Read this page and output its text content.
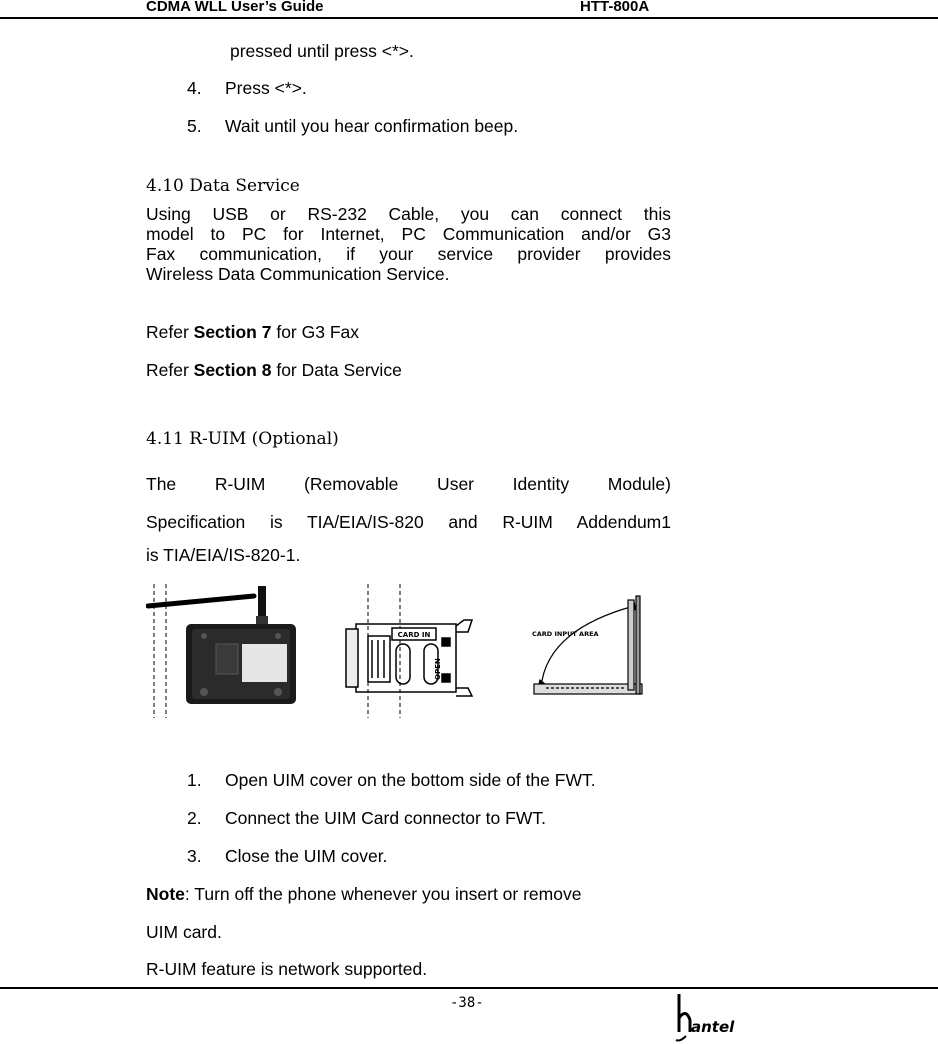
CDMA WLL User’s Guide	HTT-800A
pressed until press <*>.
4. Press <*>.
5. Wait until you hear confirmation beep.
4.10 Data Service
Using USB or RS-232 Cable, you can connect this
model to PC for Internet, PC Communication and/or G3
Fax communication, if your service provider provides
Wireless Data Communication Service.
Refer Section 7 for G3 Fax
Refer Section 8 for Data Service
4.11 R-UIM (Optional)
The R-UIM (Removable User Identity Module)
Specification is TIA/EIA/IS-820 and R-UIM Addendum1
is TIA/EIA/IS-820-1.
CARD IN
OPEN
CARD INPUT AREA
1. Open UIM cover on the bottom side of the FWT.
2. Connect the UIM Card connector to FWT.
3. Close the UIM cover.
Note: Turn off the phone whenever you insert or remove
UIM card.
R-UIM feature is network supported.
-38-
antel
